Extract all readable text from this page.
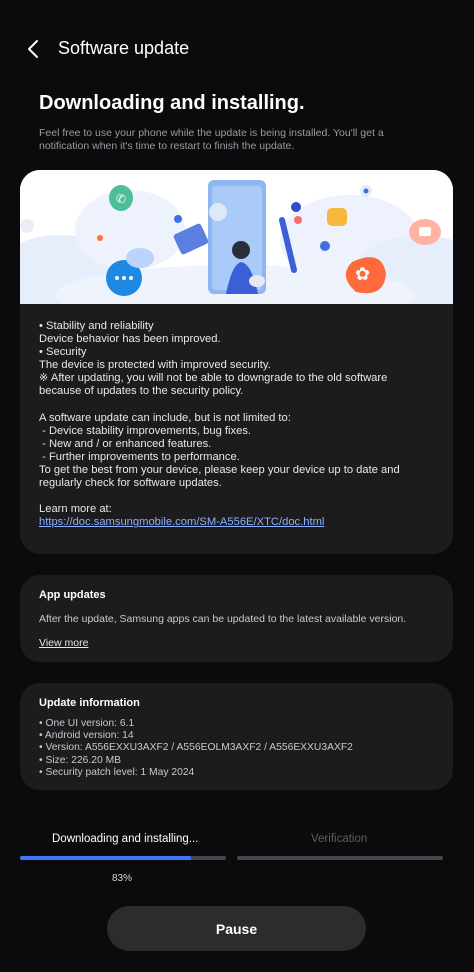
Software update
Downloading and installing.
Feel free to use your phone while the update is being installed. You'll get a
notification when it's time to restart to finish the update.
✆
✿
• Stability and reliability
Device behavior has been improved.
• Security
The device is protected with improved security.
※ After updating, you will not be able to downgrade to the old software
because of updates to the security policy.
A software update can include, but is not limited to:
- Device stability improvements, bug fixes.
- New and / or enhanced features.
- Further improvements to performance.
To get the best from your device, please keep your device up to date and
regularly check for software updates.
Learn more at:
https://doc.samsungmobile.com/SM-A556E/XTC/doc.html
App updates
After the update, Samsung apps can be updated to the latest available version.
View more
Update information
• One UI version: 6.1
• Android version: 14
• Version: A556EXXU3AXF2 / A556EOLM3AXF2 / A556EXXU3AXF2
• Size: 226.20 MB
• Security patch level: 1 May 2024
Downloading and installing...	Verification
83%
Pause
